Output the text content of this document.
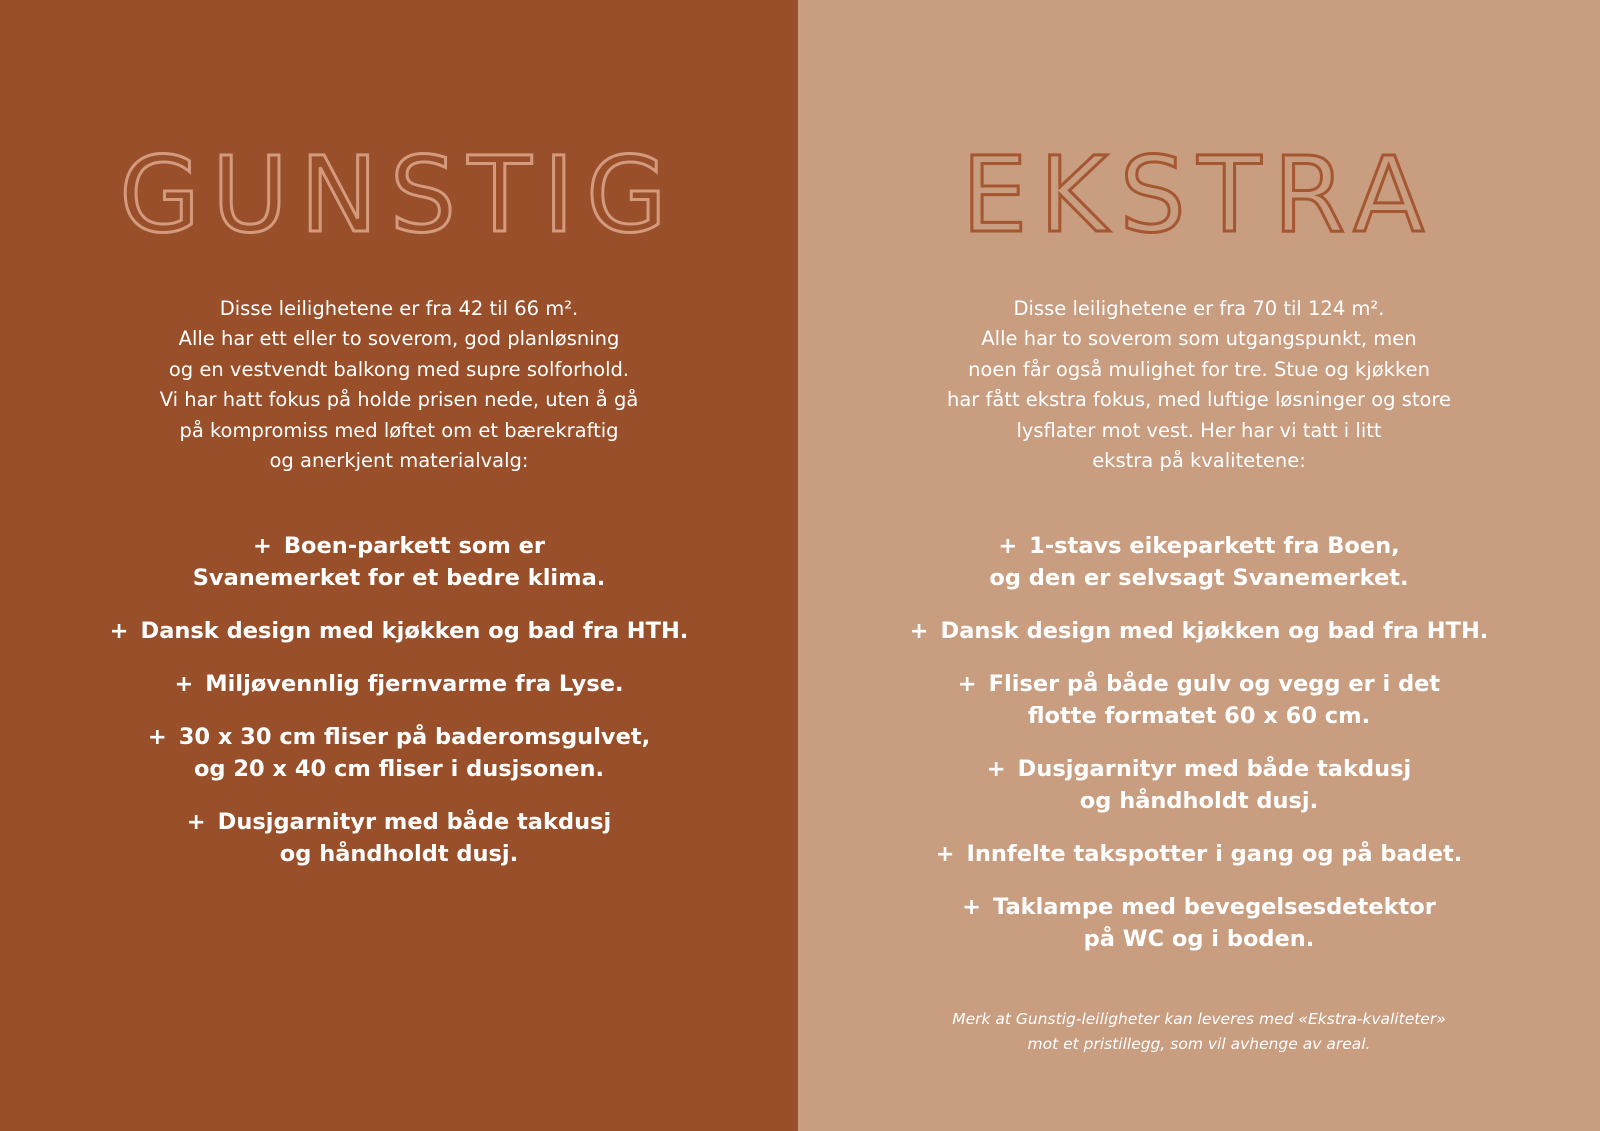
GUNSTIG
Disse leilighetene er fra 42 til 66 m².
Alle har ett eller to soverom, god planløsning
og en vestvendt balkong med supre solforhold.
Vi har hatt fokus på holde prisen nede, uten å gå
på kompromiss med løftet om et bærekraftig
og anerkjent materialvalg:
+ Boen-parkett som er
Svanemerket for et bedre klima.
+ Dansk design med kjøkken og bad fra HTH.
+ Miljøvennlig fjernvarme fra Lyse.
+ 30 x 30 cm fliser på baderomsgulvet,
og 20 x 40 cm fliser i dusjsonen.
+ Dusjgarnityr med både takdusj
og håndholdt dusj.
EKSTRA
Disse leilighetene er fra 70 til 124 m².
Alle har to soverom som utgangspunkt, men
noen får også mulighet for tre. Stue og kjøkken
har fått ekstra fokus, med luftige løsninger og store
lysflater mot vest. Her har vi tatt i litt
ekstra på kvalitetene:
+ 1-stavs eikeparkett fra Boen,
og den er selvsagt Svanemerket.
+ Dansk design med kjøkken og bad fra HTH.
+ Fliser på både gulv og vegg er i det
flotte formatet 60 x 60 cm.
+ Dusjgarnityr med både takdusj
og håndholdt dusj.
+ Innfelte takspotter i gang og på badet.
+ Taklampe med bevegelsesdetektor
på WC og i boden.
Merk at Gunstig-leiligheter kan leveres med «Ekstra-kvaliteter»
mot et pristillegg, som vil avhenge av areal.
